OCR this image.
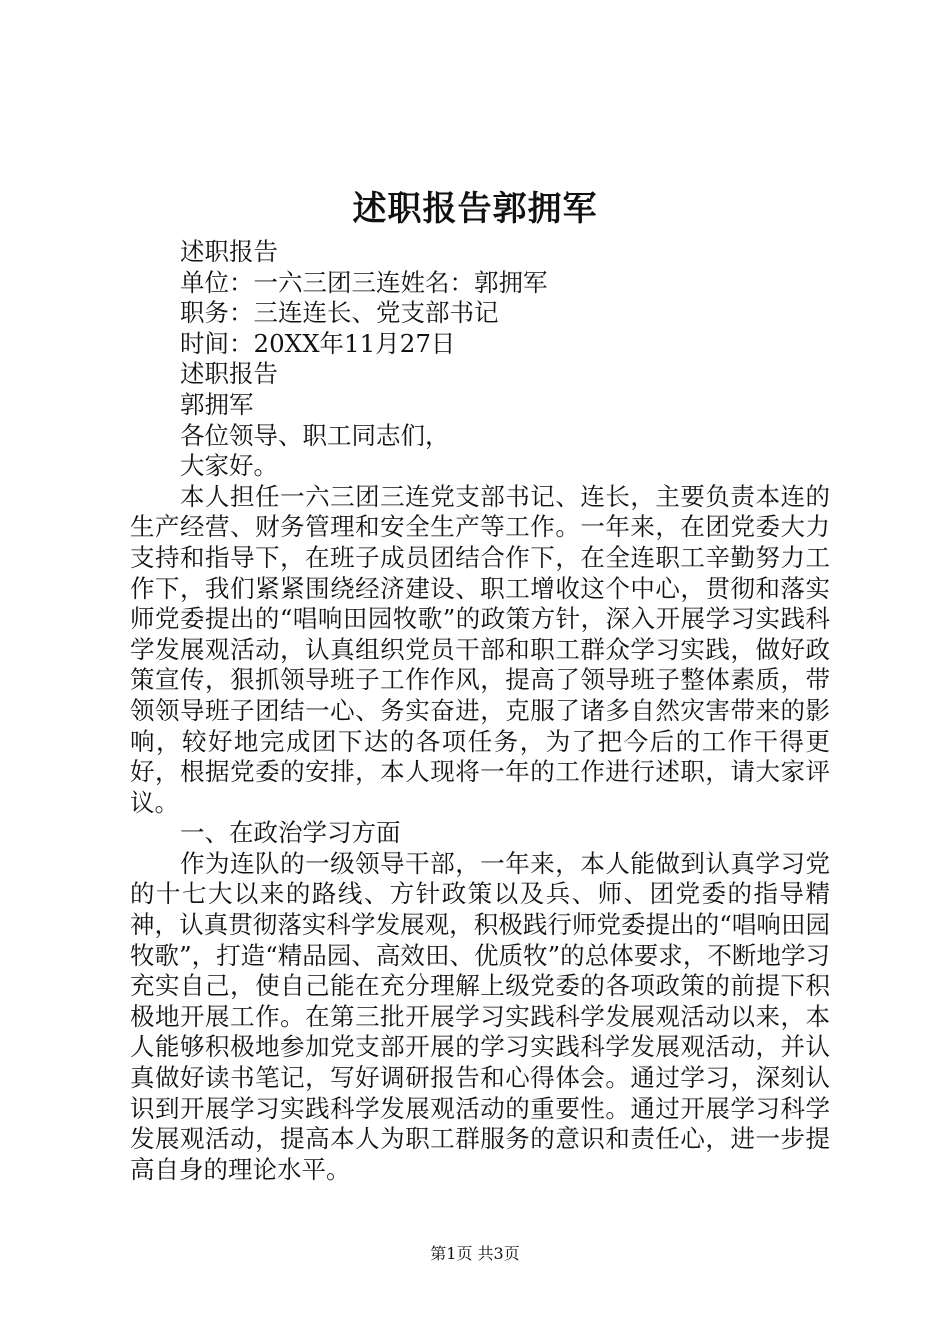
述职报告郭拥军

述职报告

单位：一六三团三连姓名：郭拥军

职务：三连连长、党支部书记

时间：20XX年11月27日

述职报告

郭拥军

各位领导、职工同志们，

大家好。

本人担任一六三团三连党支部书记、连长，主要负责本连的生产经营、财务管理和安全生产等工作。一年来，在团党委大力支持和指导下，在班子成员团结合作下，在全连职工辛勤努力工作下，我们紧紧围绕经济建设、职工增收这个中心，贯彻和落实师党委提出的“唱响田园牧歌”的政策方针，深入开展学习实践科学发展观活动，认真组织党员干部和职工群众学习实践，做好政策宣传，狠抓领导班子工作作风，提高了领导班子整体素质，带领领导班子团结一心、务实奋进，克服了诸多自然灾害带来的影响，较好地完成团下达的各项任务，为了把今后的工作干得更好，根据党委的安排，本人现将一年的工作进行述职，请大家评议。

一、在政治学习方面

作为连队的一级领导干部，一年来，本人能做到认真学习党的十七大以来的路线、方针政策以及兵、师、团党委的指导精神，认真贯彻落实科学发展观，积极践行师党委提出的“唱响田园牧歌”，打造“精品园、高效田、优质牧”的总体要求，不断地学习充实自己，使自己能在充分理解上级党委的各项政策的前提下积极地开展工作。在第三批开展学习实践科学发展观活动以来，本人能够积极地参加党支部开展的学习实践科学发展观活动，并认真做好读书笔记，写好调研报告和心得体会。通过学习，深刻认识到开展学习实践科学发展观活动的重要性。通过开展学习科学发展观活动，提高本人为职工群服务的意识和责任心，进一步提高自身的理论水平。

第1页 共3页
